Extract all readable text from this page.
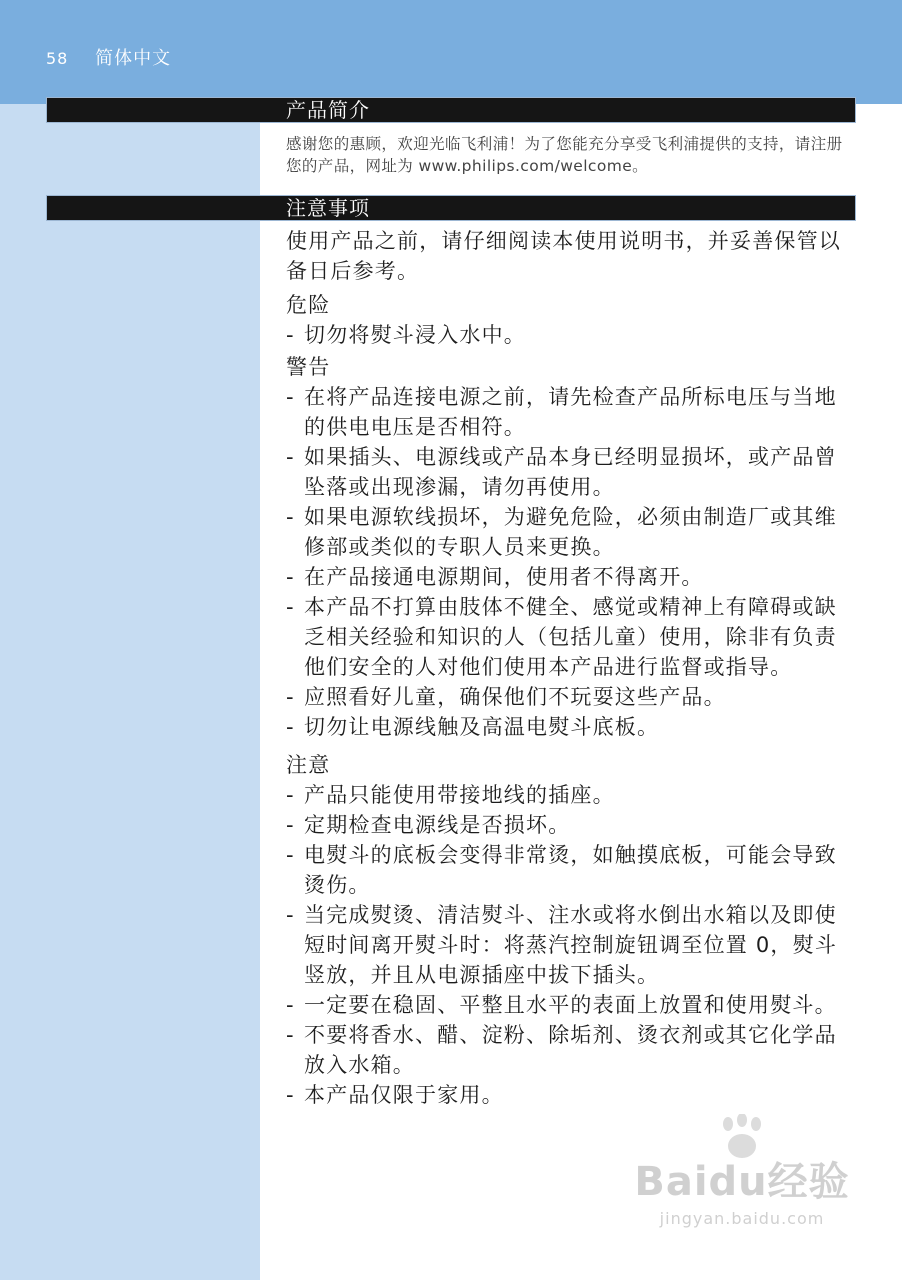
58 简体中文
产品简介
感谢您的惠顾，欢迎光临飞利浦！为了您能充分享受飞利浦提供的支持，请注册您的产品，网址为 www.philips.com/welcome。
注意事项

使用产品之前，请仔细阅读本使用说明书，并妥善保管以备日后参考。

危险

- 切勿将熨斗浸入水中。

警告

- 在将产品连接电源之前，请先检查产品所标电压与当地的供电电压是否相符。
- 如果插头、电源线或产品本身已经明显损坏，或产品曾坠落或出现渗漏，请勿再使用。
- 如果电源软线损坏，为避免危险，必须由制造厂或其维修部或类似的专职人员来更换。
- 在产品接通电源期间，使用者不得离开。
- 本产品不打算由肢体不健全、感觉或精神上有障碍或缺乏相关经验和知识的人（包括儿童）使用，除非有负责他们安全的人对他们使用本产品进行监督或指导。
- 应照看好儿童，确保他们不玩耍这些产品。
- 切勿让电源线触及高温电熨斗底板。

注意

- 产品只能使用带接地线的插座。
- 定期检查电源线是否损坏。
- 电熨斗的底板会变得非常烫，如触摸底板，可能会导致烫伤。
- 当完成熨烫、清洁熨斗、注水或将水倒出水箱以及即使短时间离开熨斗时：将蒸汽控制旋钮调至位置 0，熨斗竖放，并且从电源插座中拔下插头。
- 一定要在稳固、平整且水平的表面上放置和使用熨斗。
- 不要将香水、醋、淀粉、除垢剂、烫衣剂或其它化学品放入水箱。
- 本产品仅限于家用。
Baidu经验
jingyan.baidu.com
